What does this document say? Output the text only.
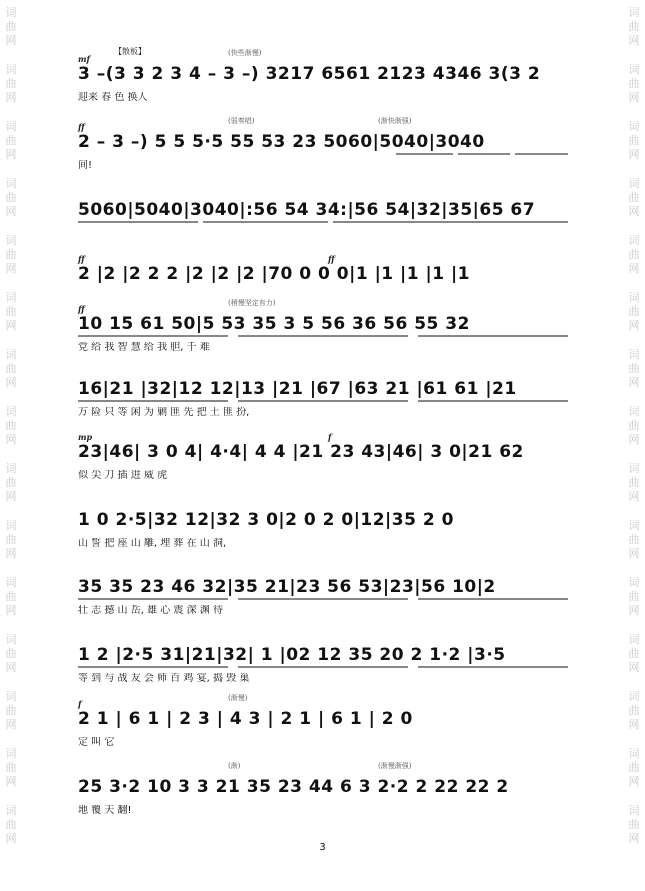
词
曲
网
词
曲
网
词
曲
网
词
曲
网
词
曲
网
词
曲
网
词
曲
网
词
曲
网
词
曲
网
词
曲
网
词
曲
网
词
曲
网
词
曲
网
词
曲
网
词
曲
网
词
曲
网
词
曲
网
词
曲
网
词
曲
网
词
曲
网
词
曲
网
词
曲
网
词
曲
网
词
曲
网
词
曲
网
词
曲
网
词
曲
网
词
曲
网
词
曲
网
词
曲
网
3 –(3 3 2 3 4 – 3 –) 3217 6561 2123 4346 3(3 2
【散板】	(快些渐慢)
mf
迎来 春 色 换人
2 – 3 –) 5 5 5·5 55 53 23 5060|5040|3040
(弱奏唱)	(渐快渐强)
ff
间!
5060|5040|3040|:56 54 34:|56 54|32|35|65 67
2 |2 |2 2 2 |2 |2 |2 |70 0 0 0|1 |1 |1 |1 |1
ff	ff
10 15 61 50|5 53 35 3 5 56 36 56 55 32
(稍慢坚定有力)
ff
党 给 我 智 慧 给 我 胆, 千 难
16|21 |32|12 12|13 |21 |67 |63 21 |61 61 |21
万 险 只 等 闲 为 剿 匪 先 把 土 匪 扮,
23|46| 3 0 4| 4·4| 4 4 |21 23 43|46| 3 0|21 62
mp	f
似 尖 刀 插 进 威 虎
1 0 2·5|32 12|32 3 0|2 0 2 0|12|35 2 0
山 誓 把 座 山 雕, 埋 葬 在 山 洞,
35 35 23 46 32|35 21|23 56 53|23|56 10|2
壮 志 撼 山 岳, 雄 心 震 深 渊 待
1 2 |2·5 31|21|32| 1 |02 12 35 20 2 1·2 |3·5
等 到 与 战 友 会 师 百 鸡 宴, 捣 毁 巢
2 1 | 6 1 | 2 3 | 4 3 | 2 1 | 6 1 | 2 0
(渐慢)
f
定 叫 它
25 3·2 10 3 3 21 35 23 44 6 3 2·2 2 22 22 2
(渐)	(渐慢渐强)
地 覆 天 翻!
3
